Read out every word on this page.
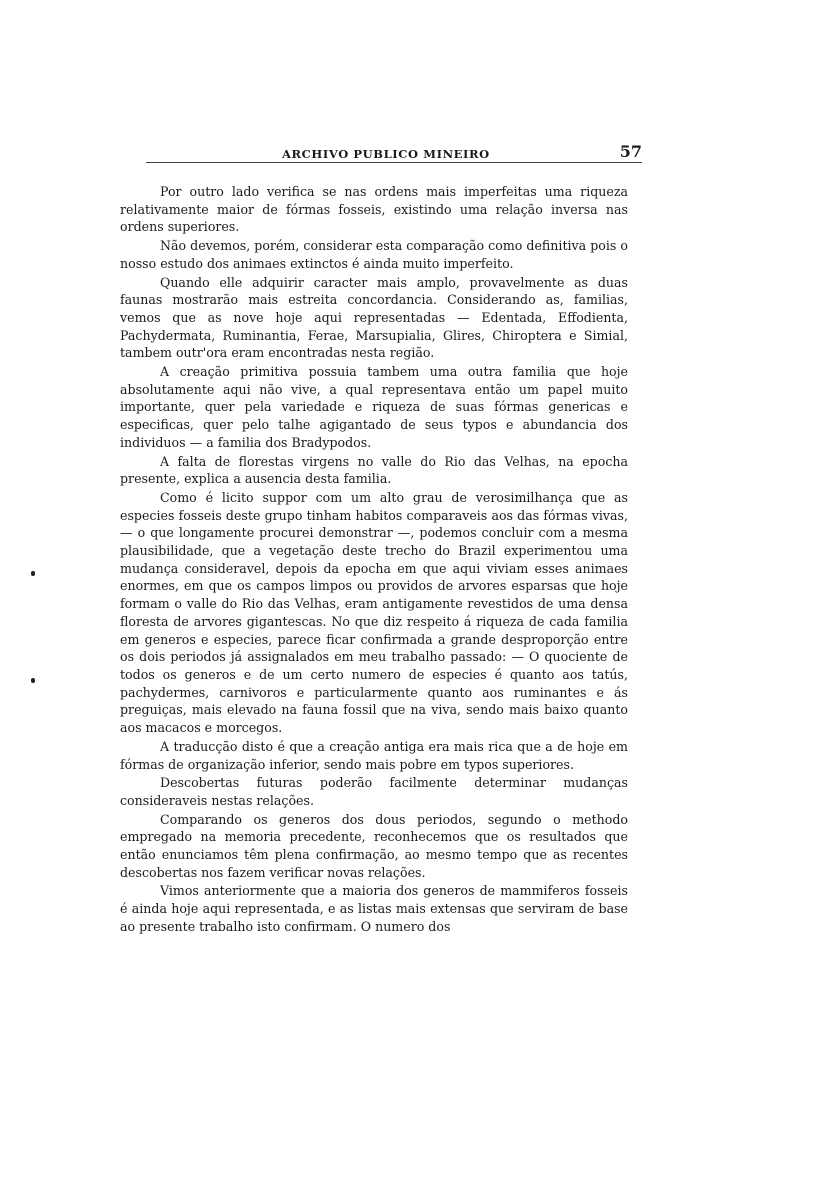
ARCHIVO PUBLICO MINEIRO	57

Por outro lado verifica se nas ordens mais imperfeitas uma riqueza relativamente maior de fórmas fosseis, existindo uma relação inversa nas ordens superiores.

Não devemos, porém, considerar esta comparação como definitiva pois o nosso estudo dos animaes extinctos é ainda muito imperfeito.

Quando elle adquirir caracter mais amplo, provavelmente as duas faunas mostrarão mais estreita concordancia. Considerando as, familias, vemos que as nove hoje aqui representadas — Edentada, Effodienta, Pachydermata, Ruminantia, Ferae, Marsupialia, Glires, Chiroptera e Simial, tambem outr'ora eram encontradas nesta região.

A creação primitiva possuia tambem uma outra familia que hoje absolutamente aqui não vive, a qual representava então um papel muito importante, quer pela variedade e riqueza de suas fórmas genericas e especificas, quer pelo talhe agigantado de seus typos e abundancia dos individuos — a familia dos Bradypodos.

A falta de florestas virgens no valle do Rio das Velhas, na epocha presente, explica a ausencia desta familia.

Como é licito suppor com um alto grau de verosimilhança que as especies fosseis deste grupo tinham habitos comparaveis aos das fórmas vivas, — o que longamente procurei demonstrar —, podemos concluir com a mesma plausibilidade, que a vegetação deste trecho do Brazil experimentou uma mudança consideravel, depois da epocha em que aqui viviam esses animaes enormes, em que os campos limpos ou providos de arvores esparsas que hoje formam o valle do Rio das Velhas, eram antigamente revestidos de uma densa floresta de arvores gigantescas. No que diz respeito á riqueza de cada familia em generos e especies, parece ficar confirmada a grande desproporção entre os dois periodos já assignalados em meu trabalho passado: — O quociente de todos os generos e de um certo numero de especies é quanto aos tatús, pachydermes, carnivoros e particularmente quanto aos ruminantes e ás preguiças, mais elevado na fauna fossil que na viva, sendo mais baixo quanto aos macacos e morcegos.

A traducção disto é que a creação antiga era mais rica que a de hoje em fórmas de organização inferior, sendo mais pobre em typos superiores.

Descobertas futuras poderão facilmente determinar mudanças consideraveis nestas relações.

Comparando os generos dos dous periodos, segundo o methodo empregado na memoria precedente, reconhecemos que os resultados que então enunciamos têm plena confirmação, ao mesmo tempo que as recentes descobertas nos fazem verificar novas relações.

Vimos anteriormente que a maioria dos generos de mammiferos fosseis é ainda hoje aqui representada, e as listas mais extensas que serviram de base ao presente trabalho isto confirmam. O numero dos
